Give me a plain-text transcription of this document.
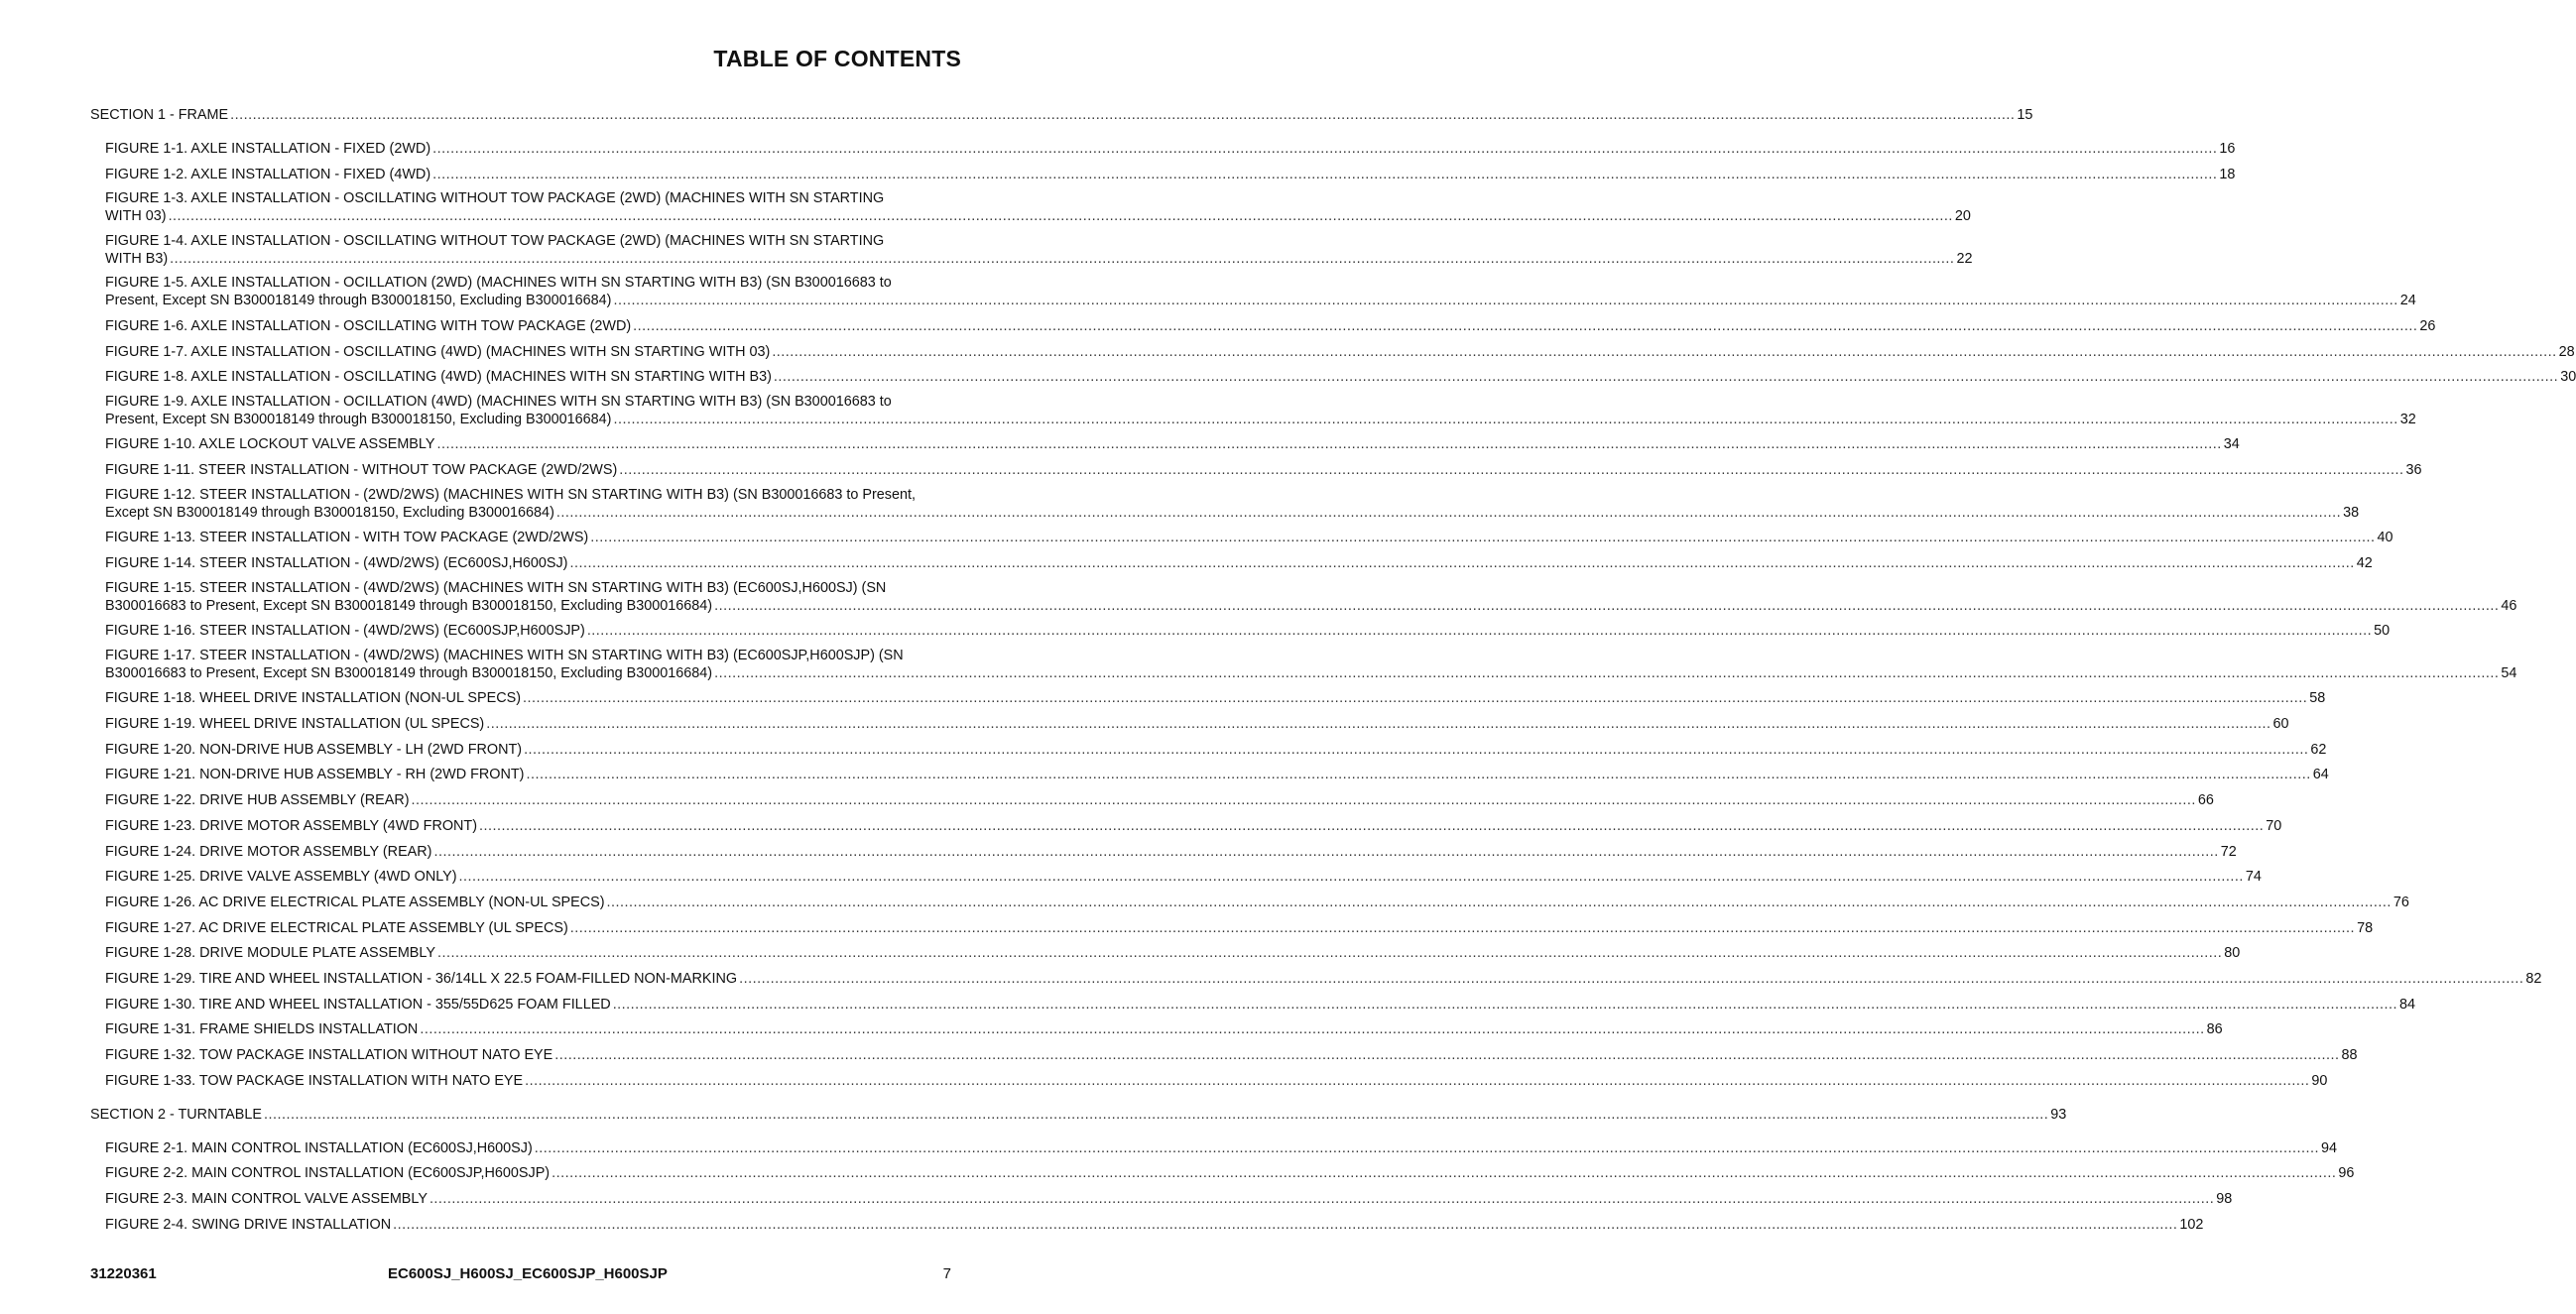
TABLE OF CONTENTS
SECTION 1 - FRAME ................................................................................................................................................................................................................................................................................................................................................................................................................ 15
FIGURE 1-1. AXLE INSTALLATION - FIXED (2WD) ................................................................................................................................................................................................................................................................................................................................................................................................................ 16
FIGURE 1-2. AXLE INSTALLATION - FIXED (4WD) ................................................................................................................................................................................................................................................................................................................................................................................................................ 18
FIGURE 1-3. AXLE INSTALLATION - OSCILLATING WITHOUT TOW PACKAGE (2WD) (MACHINES WITH SN STARTING
WITH 03) ................................................................................................................................................................................................................................................................................................................................................................................................................ 20
FIGURE 1-4. AXLE INSTALLATION - OSCILLATING WITHOUT TOW PACKAGE (2WD) (MACHINES WITH SN STARTING
WITH B3) ................................................................................................................................................................................................................................................................................................................................................................................................................ 22
FIGURE 1-5. AXLE INSTALLATION - OCILLATION (2WD) (MACHINES WITH SN STARTING WITH B3) (SN B300016683 to
Present, Except SN B300018149 through B300018150, Excluding B300016684) ................................................................................................................................................................................................................................................................................................................................................................................................................ 24
FIGURE 1-6. AXLE INSTALLATION - OSCILLATING WITH TOW PACKAGE (2WD) ................................................................................................................................................................................................................................................................................................................................................................................................................ 26
FIGURE 1-7. AXLE INSTALLATION - OSCILLATING (4WD) (MACHINES WITH SN STARTING WITH 03) ................................................................................................................................................................................................................................................................................................................................................................................................................ 28
FIGURE 1-8. AXLE INSTALLATION - OSCILLATING (4WD) (MACHINES WITH SN STARTING WITH B3) ................................................................................................................................................................................................................................................................................................................................................................................................................ 30
FIGURE 1-9. AXLE INSTALLATION - OCILLATION (4WD) (MACHINES WITH SN STARTING WITH B3) (SN B300016683 to
Present, Except SN B300018149 through B300018150, Excluding B300016684) ................................................................................................................................................................................................................................................................................................................................................................................................................ 32
FIGURE 1-10. AXLE LOCKOUT VALVE ASSEMBLY ................................................................................................................................................................................................................................................................................................................................................................................................................ 34
FIGURE 1-11. STEER INSTALLATION - WITHOUT TOW PACKAGE (2WD/2WS) ................................................................................................................................................................................................................................................................................................................................................................................................................ 36
FIGURE 1-12. STEER INSTALLATION - (2WD/2WS) (MACHINES WITH SN STARTING WITH B3) (SN B300016683 to Present,
Except SN B300018149 through B300018150, Excluding B300016684) ................................................................................................................................................................................................................................................................................................................................................................................................................ 38
FIGURE 1-13. STEER INSTALLATION - WITH TOW PACKAGE (2WD/2WS) ................................................................................................................................................................................................................................................................................................................................................................................................................ 40
FIGURE 1-14. STEER INSTALLATION - (4WD/2WS) (EC600SJ,H600SJ) ................................................................................................................................................................................................................................................................................................................................................................................................................ 42
FIGURE 1-15. STEER INSTALLATION - (4WD/2WS) (MACHINES WITH SN STARTING WITH B3) (EC600SJ,H600SJ) (SN
B300016683 to Present, Except SN B300018149 through B300018150, Excluding B300016684) ................................................................................................................................................................................................................................................................................................................................................................................................................ 46
FIGURE 1-16. STEER INSTALLATION - (4WD/2WS) (EC600SJP,H600SJP) ................................................................................................................................................................................................................................................................................................................................................................................................................ 50
FIGURE 1-17. STEER INSTALLATION - (4WD/2WS) (MACHINES WITH SN STARTING WITH B3) (EC600SJP,H600SJP) (SN
B300016683 to Present, Except SN B300018149 through B300018150, Excluding B300016684) ................................................................................................................................................................................................................................................................................................................................................................................................................ 54
FIGURE 1-18. WHEEL DRIVE INSTALLATION (NON-UL SPECS) ................................................................................................................................................................................................................................................................................................................................................................................................................ 58
FIGURE 1-19. WHEEL DRIVE INSTALLATION (UL SPECS) ................................................................................................................................................................................................................................................................................................................................................................................................................ 60
FIGURE 1-20. NON-DRIVE HUB ASSEMBLY - LH (2WD FRONT) ................................................................................................................................................................................................................................................................................................................................................................................................................ 62
FIGURE 1-21. NON-DRIVE HUB ASSEMBLY - RH (2WD FRONT) ................................................................................................................................................................................................................................................................................................................................................................................................................ 64
FIGURE 1-22. DRIVE HUB ASSEMBLY (REAR) ................................................................................................................................................................................................................................................................................................................................................................................................................ 66
FIGURE 1-23. DRIVE MOTOR ASSEMBLY (4WD FRONT) ................................................................................................................................................................................................................................................................................................................................................................................................................ 70
FIGURE 1-24. DRIVE MOTOR ASSEMBLY (REAR) ................................................................................................................................................................................................................................................................................................................................................................................................................ 72
FIGURE 1-25. DRIVE VALVE ASSEMBLY (4WD ONLY) ................................................................................................................................................................................................................................................................................................................................................................................................................ 74
FIGURE 1-26. AC DRIVE ELECTRICAL PLATE ASSEMBLY (NON-UL SPECS) ................................................................................................................................................................................................................................................................................................................................................................................................................ 76
FIGURE 1-27. AC DRIVE ELECTRICAL PLATE ASSEMBLY (UL SPECS) ................................................................................................................................................................................................................................................................................................................................................................................................................ 78
FIGURE 1-28. DRIVE MODULE PLATE ASSEMBLY ................................................................................................................................................................................................................................................................................................................................................................................................................ 80
FIGURE 1-29. TIRE AND WHEEL INSTALLATION - 36/14LL X 22.5 FOAM-FILLED NON-MARKING ................................................................................................................................................................................................................................................................................................................................................................................................................ 82
FIGURE 1-30. TIRE AND WHEEL INSTALLATION - 355/55D625 FOAM FILLED ................................................................................................................................................................................................................................................................................................................................................................................................................ 84
FIGURE 1-31. FRAME SHIELDS INSTALLATION ................................................................................................................................................................................................................................................................................................................................................................................................................ 86
FIGURE 1-32. TOW PACKAGE INSTALLATION WITHOUT NATO EYE ................................................................................................................................................................................................................................................................................................................................................................................................................ 88
FIGURE 1-33. TOW PACKAGE INSTALLATION WITH NATO EYE ................................................................................................................................................................................................................................................................................................................................................................................................................ 90
SECTION 2 - TURNTABLE ................................................................................................................................................................................................................................................................................................................................................................................................................ 93
FIGURE 2-1. MAIN CONTROL INSTALLATION (EC600SJ,H600SJ) ................................................................................................................................................................................................................................................................................................................................................................................................................ 94
FIGURE 2-2. MAIN CONTROL INSTALLATION (EC600SJP,H600SJP) ................................................................................................................................................................................................................................................................................................................................................................................................................ 96
FIGURE 2-3. MAIN CONTROL VALVE ASSEMBLY ................................................................................................................................................................................................................................................................................................................................................................................................................ 98
FIGURE 2-4. SWING DRIVE INSTALLATION ................................................................................................................................................................................................................................................................................................................................................................................................................ 102
31220361	EC600SJ_H600SJ_EC600SJP_H600SJP	7
